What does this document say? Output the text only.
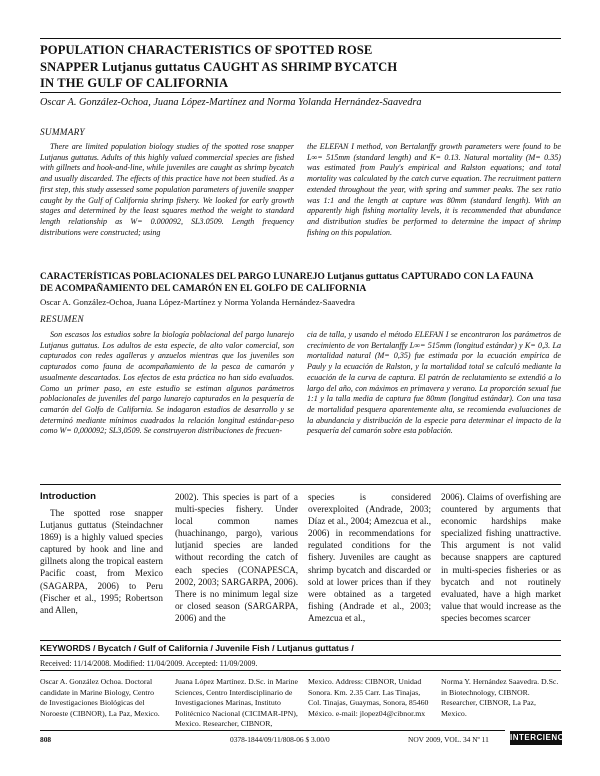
POPULATION CHARACTERISTICS OF SPOTTED ROSE
SNAPPER Lutjanus guttatus CAUGHT AS SHRIMP BYCATCH
IN THE GULF OF CALIFORNIA
Oscar A. González-Ochoa, Juana López-Martínez and Norma Yolanda Hernández-Saavedra
SUMMARY
There are limited population biology studies of the spotted rose snapper Lutjanus guttatus. Adults of this highly valued commercial species are fished with gillnets and hook-and-line, while juveniles are caught as shrimp bycatch and usually discarded. The effects of this practice have not been studied. As a first step, this study assessed some population parameters of juvenile snapper caught by the Gulf of California shrimp fishery. We looked for early growth stages and determined by the least squares method the weight to standard length relationship as W= 0.000092, SL3.0509. Length frequency distributions were constructed; using
the ELEFAN I method, von Bertalanffy growth parameters were found to be L∞= 515mm (standard length) and K= 0.13. Natural mortality (M= 0.35) was estimated from Pauly's empirical and Ralston equations; and total mortality was calculated by the catch curve equation. The recruitment pattern extended throughout the year, with spring and summer peaks. The sex ratio was 1:1 and the length at capture was 80mm (standard length). With an apparently high fishing mortality levels, it is recommended that abundance and distribution studies be performed to determine the impact of shrimp fishing on this population.
CARACTERÍSTICAS POBLACIONALES DEL PARGO LUNAREJO Lutjanus guttatus CAPTURADO CON LA FAUNA
DE ACOMPAÑAMIENTO DEL CAMARÓN EN EL GOLFO DE CALIFORNIA
Oscar A. González-Ochoa, Juana López-Martínez y Norma Yolanda Hernández-Saavedra
RESUMEN
Son escasos los estudios sobre la biología poblacional del pargo lunarejo Lutjanus guttatus. Los adultos de esta especie, de alto valor comercial, son capturados con redes agalleras y anzuelos mientras que los juveniles son capturados como fauna de acompañamiento de la pesca de camarón y usualmente descartados. Los efectos de esta práctica no han sido evaluados. Como un primer paso, en este estudio se estiman algunos parámetros poblacionales de juveniles del pargo lunarejo capturados en la pesquería de camarón del Golfo de California. Se indagaron estadios de desarrollo y se determinó mediante mínimos cuadrados la relación longitud estándar-peso como W= 0,000092; SL3,0509. Se construyeron distribuciones de frecuen-
cia de talla, y usando el método ELEFAN I se encontraron los parámetros de crecimiento de von Bertalanffy L∞= 515mm (longitud estándar) y K= 0,3. La mortalidad natural (M= 0,35) fue estimada por la ecuación empírica de Pauly y la ecuación de Ralston, y la mortalidad total se calculó mediante la ecuación de la curva de captura. El patrón de reclutamiento se extendió a lo largo del año, con máximos en primavera y verano. La proporción sexual fue 1:1 y la talla media de captura fue 80mm (longitud estándar). Con una tasa de mortalidad pesquera aparentemente alta, se recomienda evaluaciones de la abundancia y distribución de la especie para determinar el impacto de la pesquería del camarón sobre esta población.
Introduction
The spotted rose snapper Lutjanus guttatus (Steindachner 1869) is a highly valued species captured by hook and line and gillnets along the tropical eastern Pacific coast, from Mexico (SAGARPA, 2006) to Peru (Fischer et al., 1995; Robertson and Allen,
2002). This species is part of a multi-species fishery. Under local common names (huachinango, pargo), various lutjanid species are landed without recording the catch of each species (CONAPESCA, 2002, 2003; SARGARPA, 2006). There is no minimum legal size or closed season (SARGARPA, 2006) and the
species is considered overexploited (Andrade, 2003; Díaz et al., 2004; Amezcua et al., 2006) in recommendations for regulated conditions for the fishery. Juveniles are caught as shrimp bycatch and discarded or sold at lower prices than if they were obtained as a targeted fishing (Andrade et al., 2003; Amezcua et al.,
2006). Claims of overfishing are countered by arguments that economic hardships make specialized fishing unattractive. This argument is not valid because snappers are captured in multi-species fisheries or as bycatch and not routinely evaluated, have a high market value that would increase as the species becomes scarcer
KEYWORDS / Bycatch / Gulf of California / Juvenile Fish / Lutjanus guttatus /
Received: 11/14/2008. Modified: 11/04/2009. Accepted: 11/09/2009.
Oscar A. González Ochoa. Doctoral candidate in Marine Biology, Centro de Investigaciones Biológicas del Noroeste (CIBNOR), La Paz, Mexico.
Juana López Martínez. D.Sc. in Marine Sciences, Centro Interdisciplinario de Investigaciones Marinas, Instituto Politécnico Nacional (CICIMAR-IPN), Mexico. Researcher, CIBNOR,
Mexico. Address: CIBNOR, Unidad Sonora. Km. 2.35 Carr. Las Tinajas, Col. Tinajas, Guaymas, Sonora, 85460 México. e-mail: jlopez04@cibnor.mx
Norma Y. Hernández Saavedra. D.Sc. in Biotechnology, CIBNOR. Researcher, CIBNOR, La Paz, Mexico.
808	0378-1844/09/11/808-06 $ 3.00/0	NOV 2009, VOL. 34 Nº 11	INTERCIENCIA
